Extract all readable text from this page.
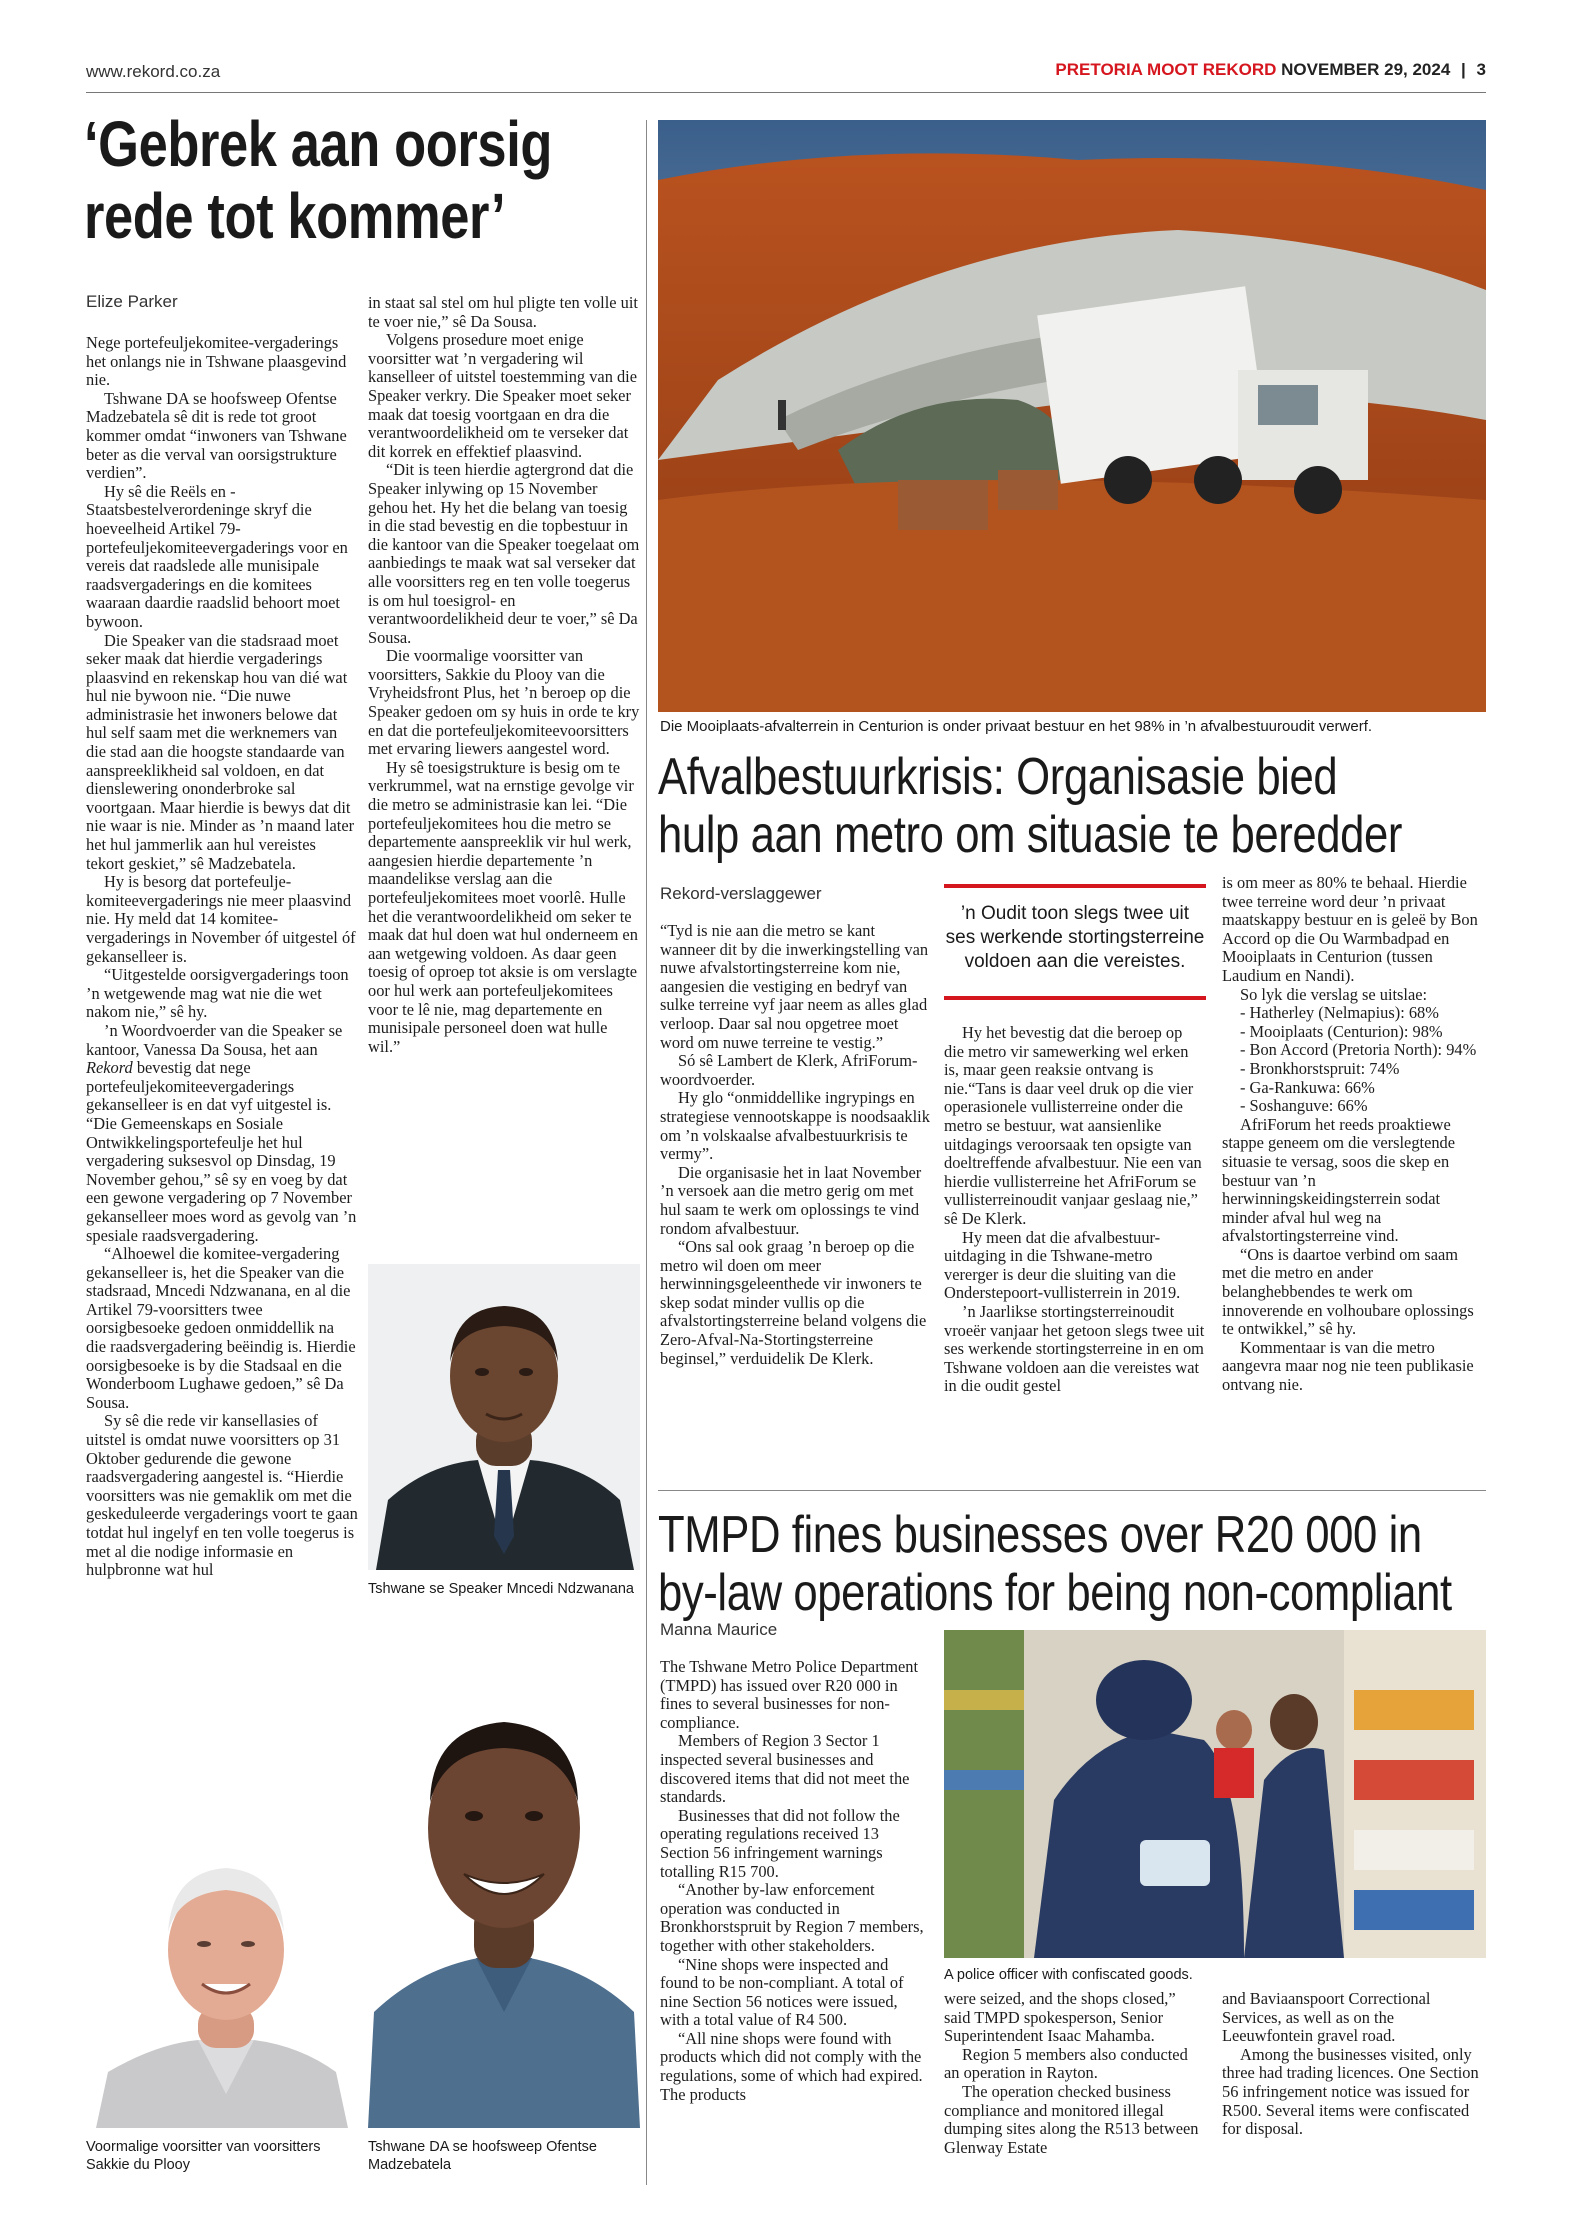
www.rekord.co.za	PRETORIA MOOT REKORD NOVEMBER 29, 2024 | 3
‘Gebrek aan oorsig
rede tot kommer’
Elize Parker

Nege portefeuljekomitee-vergaderings het onlangs nie in Tshwane plaasgevind nie.

Tshwane DA se hoofsweep Ofentse Madzebatela sê dit is rede tot groot kommer omdat “inwoners van Tshwane beter as die verval van oorsigstrukture verdien”.

Hy sê die Reëls en -Staatsbestelverordeninge skryf die hoeveelheid Artikel 79-portefeuljekomiteevergaderings voor en vereis dat raadslede alle munisipale raadsvergaderings en die komitees waaraan daardie raadslid behoort moet bywoon.

Die Speaker van die stadsraad moet seker maak dat hierdie vergaderings plaasvind en rekenskap hou van dié wat hul nie bywoon nie. “Die nuwe administrasie het inwoners belowe dat hul self saam met die werknemers van die stad aan die hoogste standaarde van aanspreeklikheid sal voldoen, en dat dienslewering ononderbroke sal voortgaan. Maar hierdie is bewys dat dit nie waar is nie. Minder as ’n maand later het hul jammerlik aan hul vereistes tekort geskiet,” sê Madzebatela.

Hy is besorg dat portefeulje-komiteevergaderings nie meer plaasvind nie. Hy meld dat 14 komitee-vergaderings in November óf uitgestel óf gekanselleer is.

“Uitgestelde oorsigvergaderings toon ’n wetgewende mag wat nie die wet nakom nie,” sê hy.

’n Woordvoerder van die Speaker se kantoor, Vanessa Da Sousa, het aan Rekord bevestig dat nege portefeuljekomiteevergaderings gekanselleer is en dat vyf uitgestel is. “Die Gemeenskaps en Sosiale Ontwikkelingsportefeulje het hul vergadering suksesvol op Dinsdag, 19 November gehou,” sê sy en voeg by dat een gewone vergadering op 7 November gekanselleer moes word as gevolg van ’n spesiale raadsvergadering.

“Alhoewel die komitee-vergadering gekanselleer is, het die Speaker van die stadsraad, Mncedi Ndzwanana, en al die Artikel 79-voorsitters twee oorsigbesoeke gedoen onmiddellik na die raadsvergadering beëindig is. Hierdie oorsigbesoeke is by die Stadsaal en die Wonderboom Lughawe gedoen,” sê Da Sousa.

Sy sê die rede vir kansellasies of uitstel is omdat nuwe voorsitters op 31 Oktober gedurende die gewone raadsvergadering aangestel is. “Hierdie voorsitters was nie gemaklik om met die geskeduleerde vergaderings voort te gaan totdat hul ingelyf en ten volle toegerus is met al die nodige informasie en hulpbronne wat hul

in staat sal stel om hul pligte ten volle uit te voer nie,” sê Da Sousa.

Volgens prosedure moet enige voorsitter wat ’n vergadering wil kanselleer of uitstel toestemming van die Speaker verkry. Die Speaker moet seker maak dat toesig voortgaan en dra die verantwoordelikheid om te verseker dat dit korrek en effektief plaasvind.

“Dit is teen hierdie agtergrond dat die Speaker inlywing op 15 November gehou het. Hy het die belang van toesig in die stad bevestig en die topbestuur in die kantoor van die Speaker toegelaat om aanbiedings te maak wat sal verseker dat alle voorsitters reg en ten volle toegerus is om hul toesigrol- en verantwoordelikheid deur te voer,” sê Da Sousa.

Die voormalige voorsitter van voorsitters, Sakkie du Plooy van die Vryheidsfront Plus, het ’n beroep op die Speaker gedoen om sy huis in orde te kry en dat die portefeuljekomiteevoorsitters met ervaring liewers aangestel word.

Hy sê toesigstrukture is besig om te verkrummel, wat na ernstige gevolge vir die metro se administrasie kan lei. “Die portefeuljekomitees hou die metro se departemente aanspreeklik vir hul werk, aangesien hierdie departemente ’n maandelikse verslag aan die portefeuljekomitees moet voorlê. Hulle het die verantwoordelikheid om seker te maak dat hul doen wat hul onderneem en aan wetgewing voldoen. As daar geen toesig of oproep tot aksie is om verslagte oor hul werk aan portefeuljekomitees voor te lê nie, mag departemente en munisipale personeel doen wat hulle wil.”

Tshwane se Speaker Mncedi Ndzwanana
Tshwane DA se hoofsweep Ofentse Madzebatela
Voormalige voorsitter van voorsitters Sakkie du Plooy
Die Mooiplaats-afvalterrein in Centurion is onder privaat bestuur en het 98% in ’n afvalbestuuroudit verwerf.
Afvalbestuurkrisis: Organisasie bied
hulp aan metro om situasie te beredder
Rekord-verslaggewer

“Tyd is nie aan die metro se kant wanneer dit by die inwerkingstelling van nuwe afvalstortingsterreine kom nie, aangesien die vestiging en bedryf van sulke terreine vyf jaar neem as alles glad verloop. Daar sal nou opgetree moet word om nuwe terreine te vestig.”

Só sê Lambert de Klerk, AfriForum-woordvoerder.

Hy glo “onmiddellike ingrypings en strategiese vennootskappe is noodsaaklik om ’n volskaalse afvalbestuurkrisis te vermy”.

Die organisasie het in laat November ’n versoek aan die metro gerig om met hul saam te werk om oplossings te vind rondom afvalbestuur.

“Ons sal ook graag ’n beroep op die metro wil doen om meer herwinningsgeleenthede vir inwoners te skep sodat minder vullis op die afvalstortingsterreine beland volgens die Zero-Afval-Na-Stortingsterreine beginsel,” verduidelik De Klerk.

’n Oudit toon slegs twee uit ses werkende stortingsterreine voldoen aan die vereistes.

Hy het bevestig dat die beroep op die metro vir samewerking wel erken is, maar geen reaksie ontvang is nie.“Tans is daar veel druk op die vier operasionele vullisterreine onder die metro se bestuur, wat aansienlike uitdagings veroorsaak ten opsigte van doeltreffende afvalbestuur. Nie een van hierdie vullisterreine het AfriForum se vullisterreinoudit vanjaar geslaag nie,” sê De Klerk.

Hy meen dat die afvalbestuur-uitdaging in die Tshwane-metro vererger is deur die sluiting van die Onderstepoort-vullisterrein in 2019.

’n Jaarlikse stortingsterreinoudit vroeër vanjaar het getoon slegs twee uit ses werkende stortingsterreine in en om Tshwane voldoen aan die vereistes wat in die oudit gestel

is om meer as 80% te behaal. Hierdie twee terreine word deur ’n privaat maatskappy bestuur en is geleë by Bon Accord op die Ou Warmbadpad en Mooiplaats in Centurion (tussen Laudium en Nandi).

So lyk die verslag se uitslae:

- Hatherley (Nelmapius): 68%

- Mooiplaats (Centurion): 98%

- Bon Accord (Pretoria North): 94%

- Bronkhorstspruit: 74%

- Ga-Rankuwa: 66%

- Soshanguve: 66%

AfriForum het reeds proaktiewe stappe geneem om die verslegtende situasie te versag, soos die skep en bestuur van ’n herwinningskeidingsterrein sodat minder afval hul weg na afvalstortingsterreine vind.

“Ons is daartoe verbind om saam met die metro en ander belanghebbendes te werk om innoverende en volhoubare oplossings te ontwikkel,” sê hy.

Kommentaar is van die metro aangevra maar nog nie teen publikasie ontvang nie.

TMPD fines businesses over R20 000 in
by-law operations for being non-compliant
Manna Maurice

The Tshwane Metro Police Department (TMPD) has issued over R20 000 in fines to several businesses for non-compliance.

Members of Region 3 Sector 1 inspected several businesses and discovered items that did not meet the standards.

Businesses that did not follow the operating regulations received 13 Section 56 infringement warnings totalling R15 700.

“Another by-law enforcement operation was conducted in Bronkhorstspruit by Region 7 members, together with other stakeholders.

“Nine shops were inspected and found to be non-compliant. A total of nine Section 56 notices were issued, with a total value of R4 500.

“All nine shops were found with products which did not comply with the regulations, some of which had expired. The products

A police officer with confiscated goods.

were seized, and the shops closed,” said TMPD spokesperson, Senior Superintendent Isaac Mahamba.

Region 5 members also conducted an operation in Rayton.

The operation checked business compliance and monitored illegal dumping sites along the R513 between Glenway Estate

and Baviaanspoort Correctional Services, as well as on the Leeuwfontein gravel road.

Among the businesses visited, only three had trading licences. One Section 56 infringement notice was issued for R500. Several items were confiscated for disposal.
